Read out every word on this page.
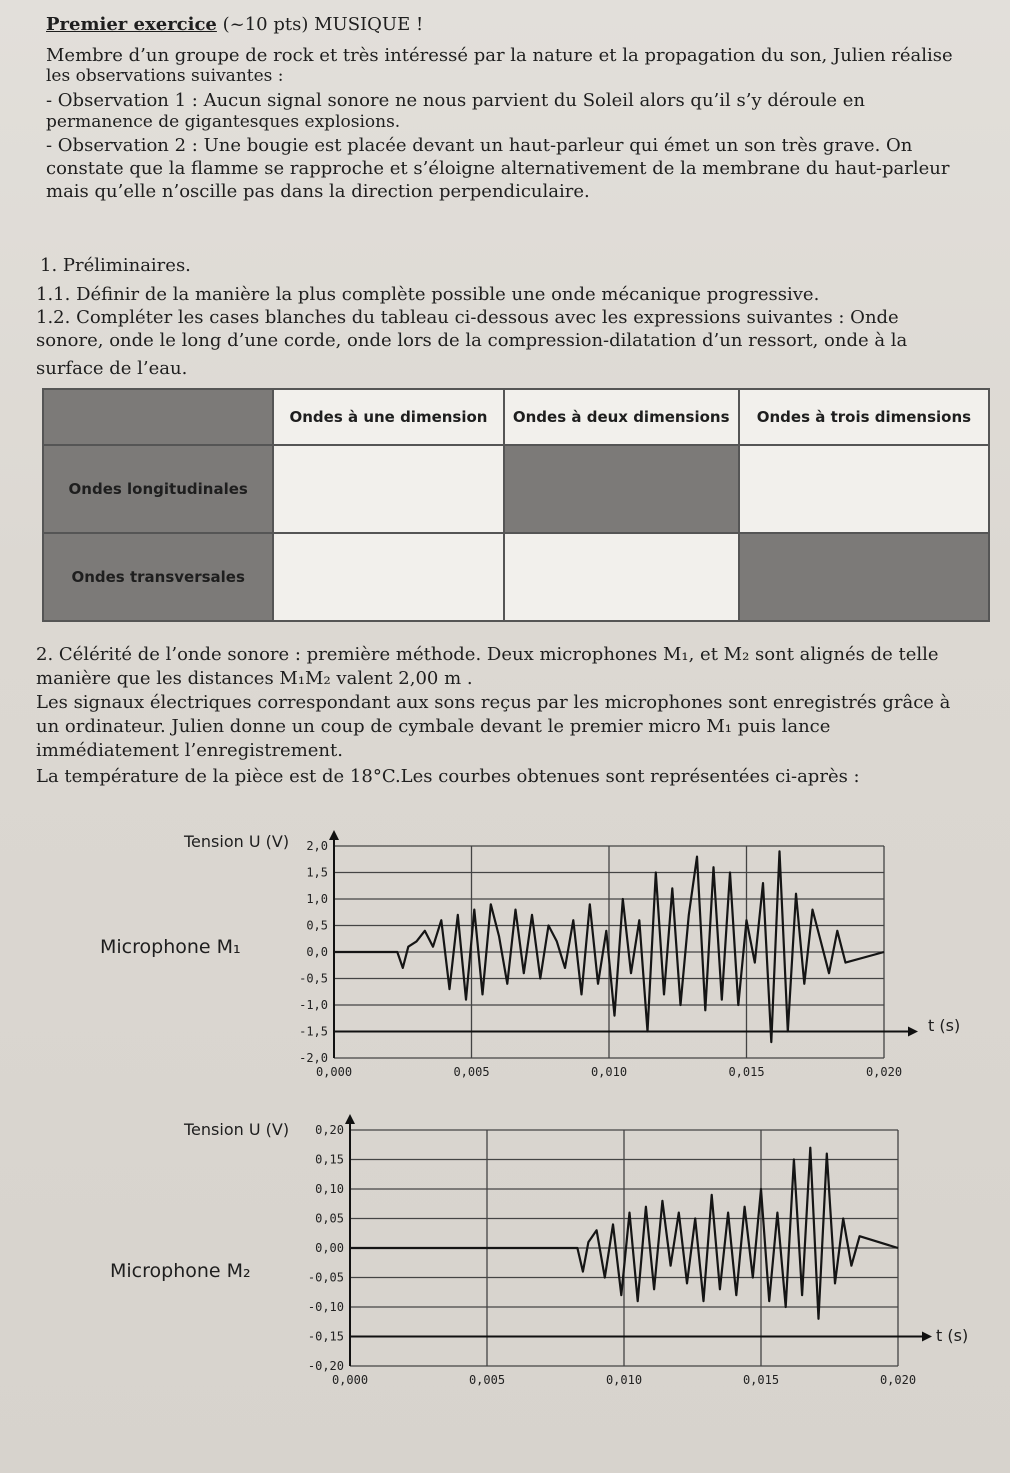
Premier exercice (~10 pts) MUSIQUE !
Membre d’un groupe de rock et très intéressé par la nature et la propagation du son, Julien réalise
les observations suivantes :
- Observation 1 : Aucun signal sonore ne nous parvient du Soleil alors qu’il s’y déroule en
permanence de gigantesques explosions.
- Observation 2 : Une bougie est placée devant un haut-parleur qui émet un son très grave. On
constate que la flamme se rapproche et s’éloigne alternativement de la membrane du haut-parleur
mais qu’elle n’oscille pas dans la direction perpendiculaire.
1. Préliminaires.
1.1. Définir de la manière la plus complète possible une onde mécanique progressive.
1.2. Compléter les cases blanches du tableau ci-dessous avec les expressions suivantes : Onde
sonore, onde le long d’une corde, onde lors de la compression-dilatation d’un ressort, onde à la
surface de l’eau.
	Ondes à une dimension	Ondes à deux dimensions	Ondes à trois dimensions
Ondes longitudinales			
Ondes transversales			
2. Célérité de l’onde sonore : première méthode. Deux microphones M₁, et M₂ sont alignés de telle
manière que les distances M₁M₂ valent 2,00 m .
Les signaux électriques correspondant aux sons reçus par les microphones sont enregistrés grâce à
un ordinateur. Julien donne un coup de cymbale devant le premier micro M₁ puis lance
immédiatement l’enregistrement.
La température de la pièce est de 18°C.Les courbes obtenues sont représentées ci-après :
Tension U (V)
Microphone M₁
t (s)
2,0
1,5
1,0
0,5
0,0
-0,5
-1,0
-1,5
-2,0
0,000	0,005	0,010	0,015	0,020
Tension U (V)
Microphone M₂
t (s)
0,20
0,15
0,10
0,05
0,00
-0,05
-0,10
-0,15
-0,20
0,000	0,005	0,010	0,015	0,020
